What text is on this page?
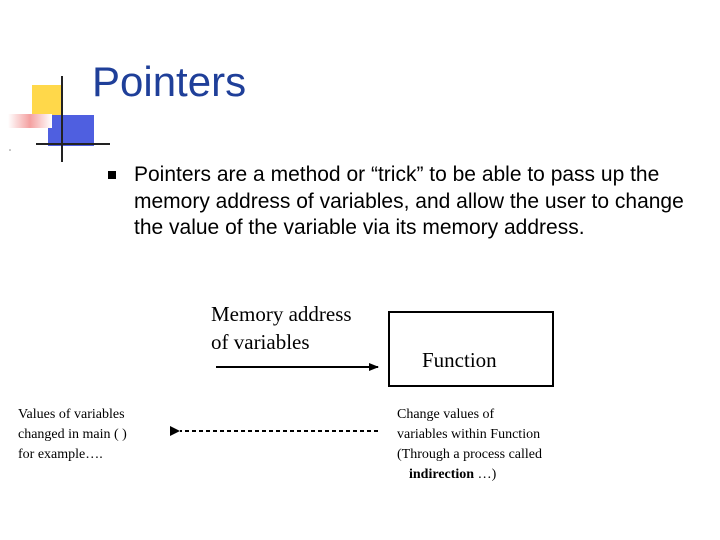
Pointers
Pointers are a method or “trick” to be able to pass up the memory address of variables, and allow the user to change the value of the variable via its memory address.
Memory address
of variables
Function
Values of variables
changed in main ( )
for example….
Change values of
variables within Function
(Through a process called
indirection …)
